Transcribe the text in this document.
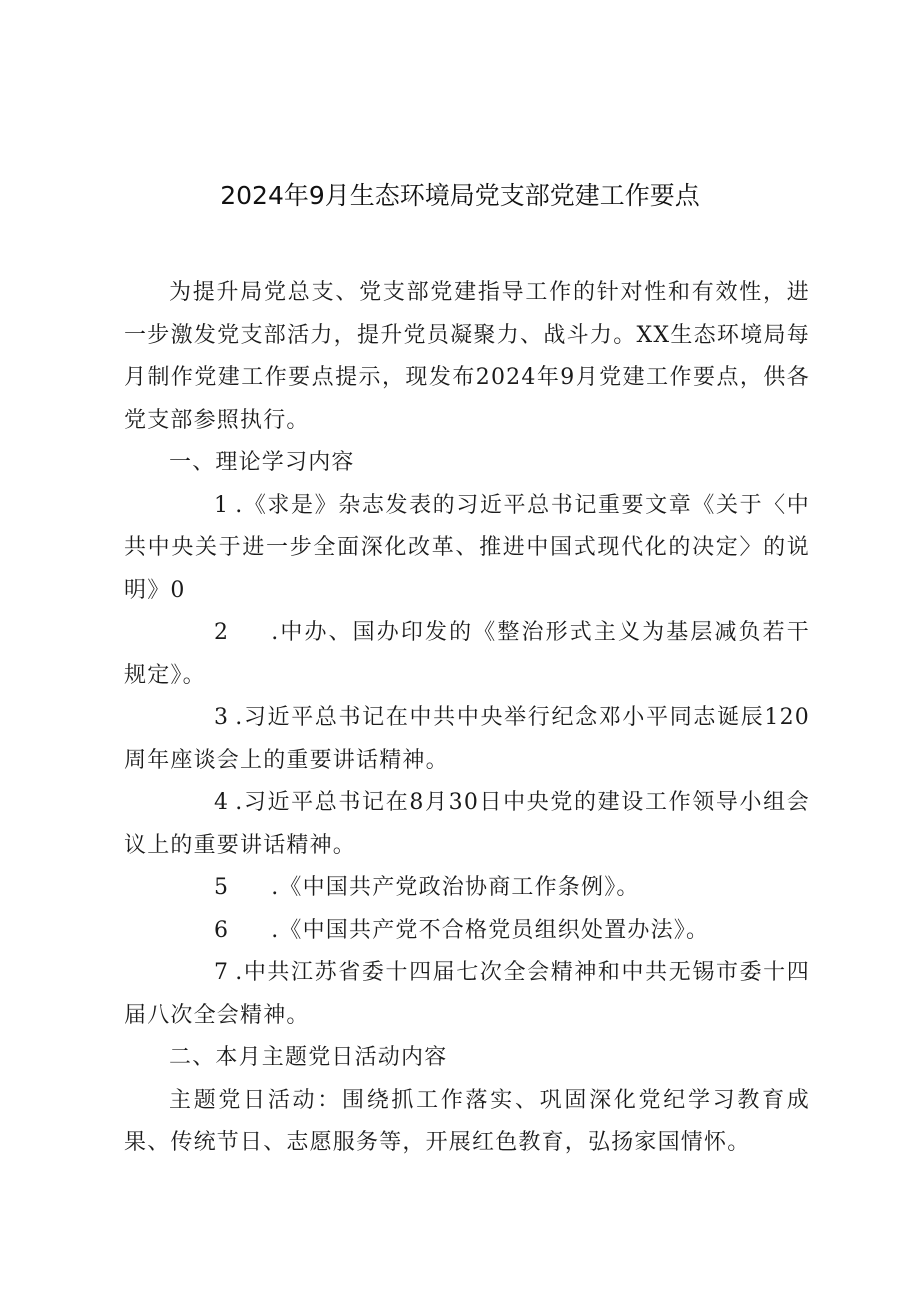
2024年9月生态环境局党支部党建工作要点

为提升局党总支、党支部党建指导工作的针对性和有效性，进一步激发党支部活力，提升党员凝聚力、战斗力。XX生态环境局每月制作党建工作要点提示，现发布2024年9月党建工作要点，供各党支部参照执行。

一、理论学习内容

1 .《求是》杂志发表的习近平总书记重要文章《关于〈中共中央关于进一步全面深化改革、推进中国式现代化的决定〉的说明》0

2 .中办、国办印发的《整治形式主义为基层减负若干规定》。

3 .习近平总书记在中共中央举行纪念邓小平同志诞辰120周年座谈会上的重要讲话精神。

4 .习近平总书记在8月30日中央党的建设工作领导小组会议上的重要讲话精神。

5 .《中国共产党政治协商工作条例》。

6 .《中国共产党不合格党员组织处置办法》。

7 .中共江苏省委十四届七次全会精神和中共无锡市委十四届八次全会精神。

二、本月主题党日活动内容

主题党日活动：围绕抓工作落实、巩固深化党纪学习教育成果、传统节日、志愿服务等，开展红色教育，弘扬家国情怀。
